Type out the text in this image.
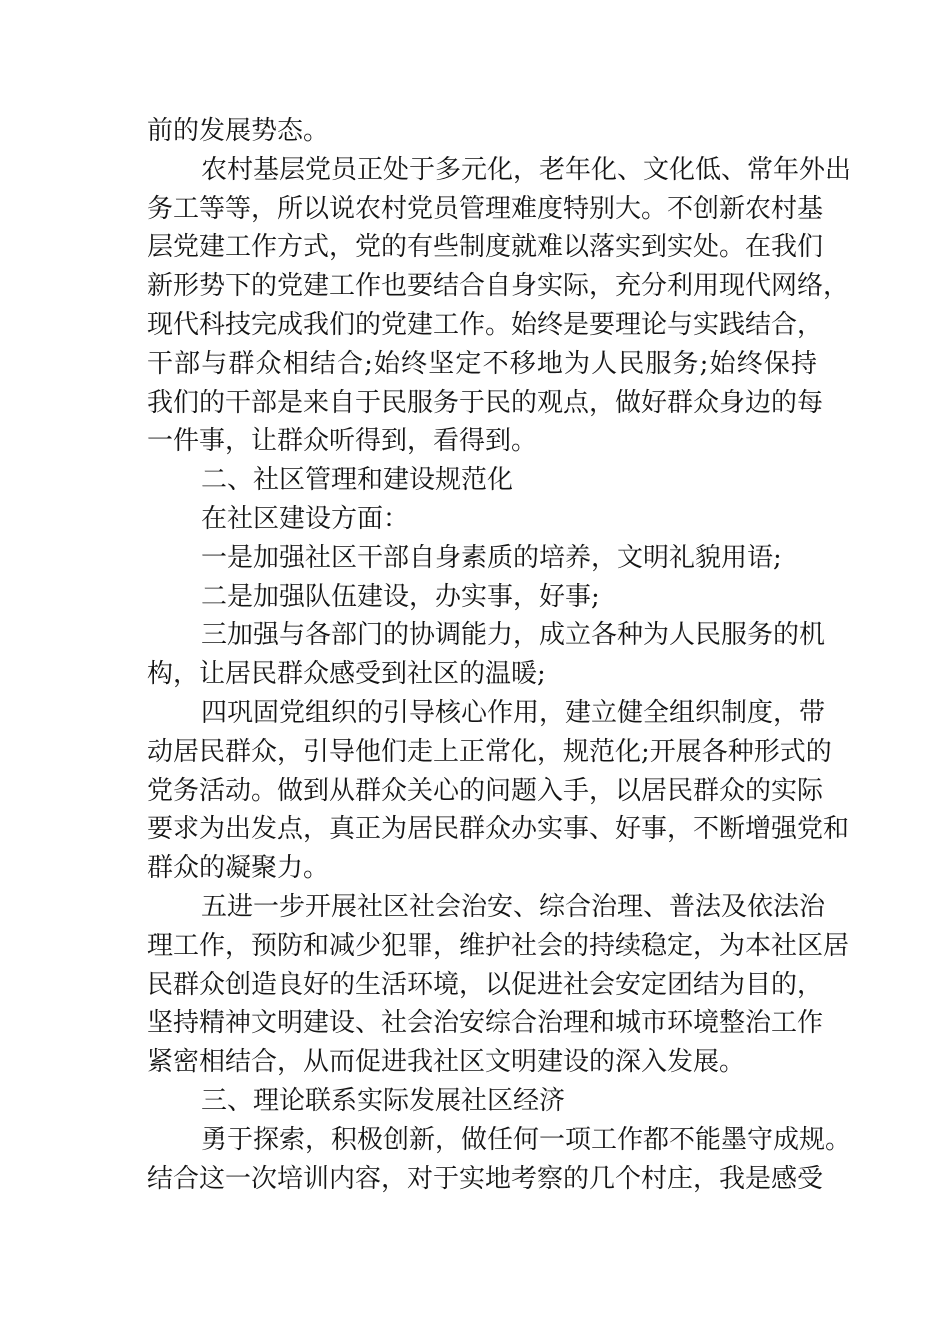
前的发展势态。
农村基层党员正处于多元化，老年化、文化低、常年外出
务工等等，所以说农村党员管理难度特别大。不创新农村基
层党建工作方式，党的有些制度就难以落实到实处。在我们
新形势下的党建工作也要结合自身实际，充分利用现代网络，
现代科技完成我们的党建工作。始终是要理论与实践结合，
干部与群众相结合;始终坚定不移地为人民服务;始终保持
我们的干部是来自于民服务于民的观点，做好群众身边的每
一件事，让群众听得到，看得到。
二、社区管理和建设规范化
在社区建设方面：
一是加强社区干部自身素质的培养，文明礼貌用语;
二是加强队伍建设，办实事，好事;
三加强与各部门的协调能力，成立各种为人民服务的机
构，让居民群众感受到社区的温暖;
四巩固党组织的引导核心作用，建立健全组织制度，带
动居民群众，引导他们走上正常化，规范化;开展各种形式的
党务活动。做到从群众关心的问题入手，以居民群众的实际
要求为出发点，真正为居民群众办实事、好事，不断增强党和
群众的凝聚力。
五进一步开展社区社会治安、综合治理、普法及依法治
理工作，预防和减少犯罪，维护社会的持续稳定，为本社区居
民群众创造良好的生活环境，以促进社会安定团结为目的，
坚持精神文明建设、社会治安综合治理和城市环境整治工作
紧密相结合，从而促进我社区文明建设的深入发展。
三、理论联系实际发展社区经济
勇于探索，积极创新，做任何一项工作都不能墨守成规。
结合这一次培训内容，对于实地考察的几个村庄，我是感受
